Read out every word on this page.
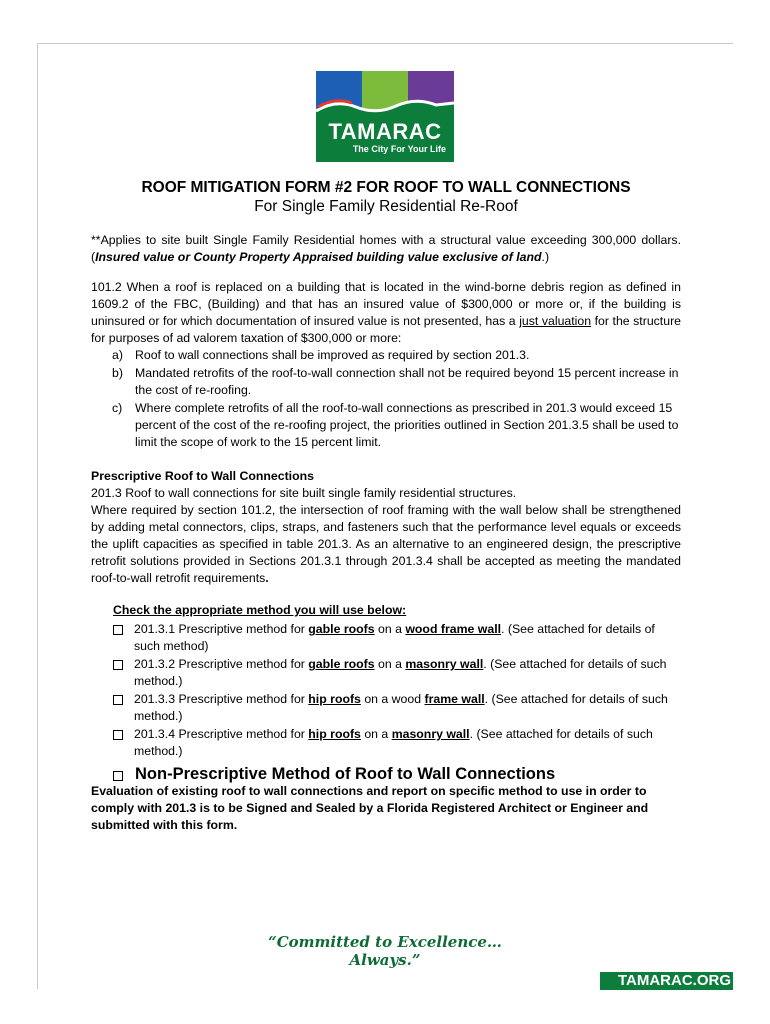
TAMARAC
The City For Your Life
ROOF MITIGATION FORM #2 FOR ROOF TO WALL CONNECTIONS
For Single Family Residential Re-Roof

**Applies to site built Single Family Residential homes with a structural value exceeding 300,000 dollars. (Insured value or County Property Appraised building value exclusive of land.)

101.2 When a roof is replaced on a building that is located in the wind-borne debris region as defined in 1609.2 of the FBC, (Building) and that has an insured value of $300,000 or more or, if the building is uninsured or for which documentation of insured value is not presented, has a just valuation for the structure for purposes of ad valorem taxation of $300,000 or more:

a) Roof to wall connections shall be improved as required by section 201.3.
b) Mandated retrofits of the roof-to-wall connection shall not be required beyond 15 percent increase in the cost of re-roofing.
c)	Where complete retrofits of all the roof-to-wall connections as prescribed in 201.3 would exceed 15 percent of the cost of the re-roofing project, the priorities outlined in Section 201.3.5 shall be used to limit the scope of work to the 15 percent limit.

Prescriptive Roof to Wall Connections

201.3 Roof to wall connections for site built single family residential structures.

Where required by section 101.2, the intersection of roof framing with the wall below shall be strengthened by adding metal connectors, clips, straps, and fasteners such that the performance level equals or exceeds the uplift capacities as specified in table 201.3. As an alternative to an engineered design, the prescriptive retrofit solutions provided in Sections 201.3.1 through 201.3.4 shall be accepted as meeting the mandated roof-to-wall retrofit requirements.

Check the appropriate method you will use below:
201.3.1 Prescriptive method for gable roofs on a wood frame wall. (See attached for details of such method)
201.3.2 Prescriptive method for gable roofs on a masonry wall. (See attached for details of such method.)
201.3.3 Prescriptive method for hip roofs on a wood frame wall. (See attached for details of such method.)
201.3.4 Prescriptive method for hip roofs on a masonry wall. (See attached for details of such method.)
Non-Prescriptive Method of Roof to Wall Connections

Evaluation of existing roof to wall connections and report on specific method to use in order to comply with 201.3 is to be Signed and Sealed by a Florida Registered Architect or Engineer and submitted with this form.

“Committed to Excellence…Always.”
TAMARAC.ORG
